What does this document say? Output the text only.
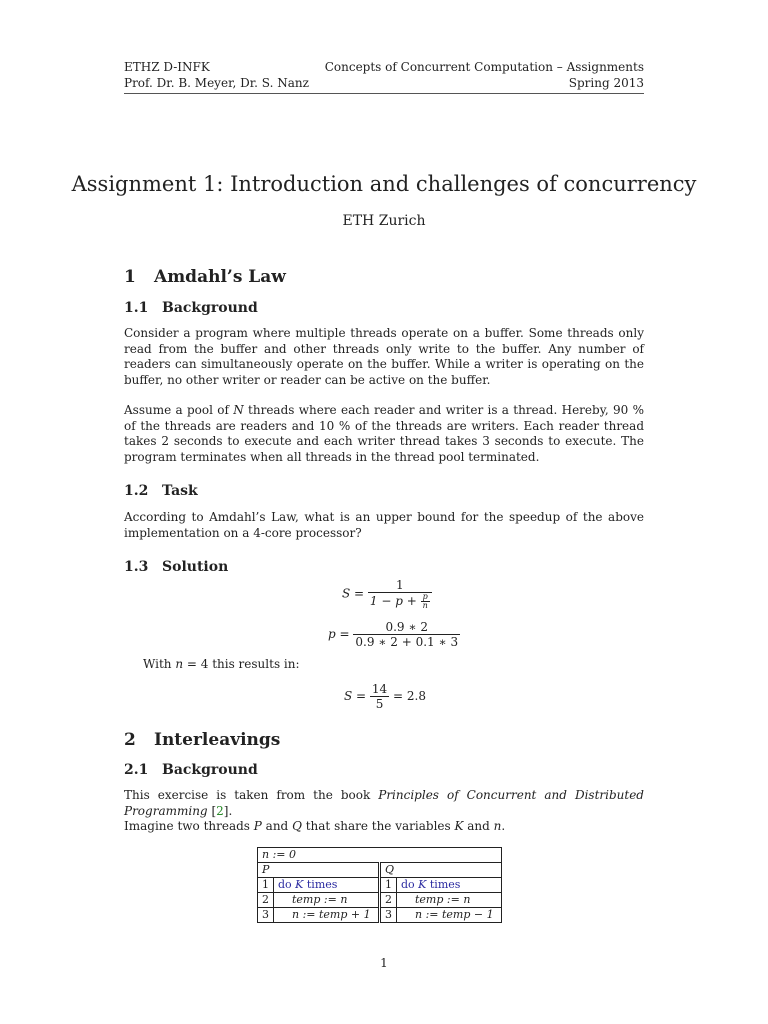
ETHZ D-INFK
Prof. Dr. B. Meyer, Dr. S. Nanz
Concepts of Concurrent Computation – Assignments
Spring 2013
Assignment 1: Introduction and challenges of concurrency
ETH Zurich
1 Amdahl’s Law
1.1 Background
Consider a program where multiple threads operate on a buffer. Some threads only read from the buffer and other threads only write to the buffer. Any number of readers can simultaneously operate on the buffer. While a writer is operating on the buffer, no other writer or reader can be active on the buffer.
Assume a pool of N threads where each reader and writer is a thread. Hereby, 90 % of the threads are readers and 10 % of the threads are writers. Each reader thread takes 2 seconds to execute and each writer thread takes 3 seconds to execute. The program terminates when all threads in the thread pool terminated.
1.2 Task
According to Amdahl’s Law, what is an upper bound for the speedup of the above implementation on a 4-core processor?
1.3 Solution
$S = \frac{1}{1 - p + \frac{p}{n}}$
$p = \frac{0.9 ∗ 2}{0.9 ∗ 2 + 0.1 ∗ 3}$
With n = 4 this results in:
$S = \frac{14}{5} = 2.8$
2 Interleavings
2.1 Background
This exercise is taken from the book Principles of Concurrent and Distributed Programming [2].
Imagine two threads P and Q that share the variables K and n.
n := 0			
P		Q	
1	do K times	1	do K times
2	temp := n	2	temp := n
3	n := temp + 1	3	n := temp − 1
1
